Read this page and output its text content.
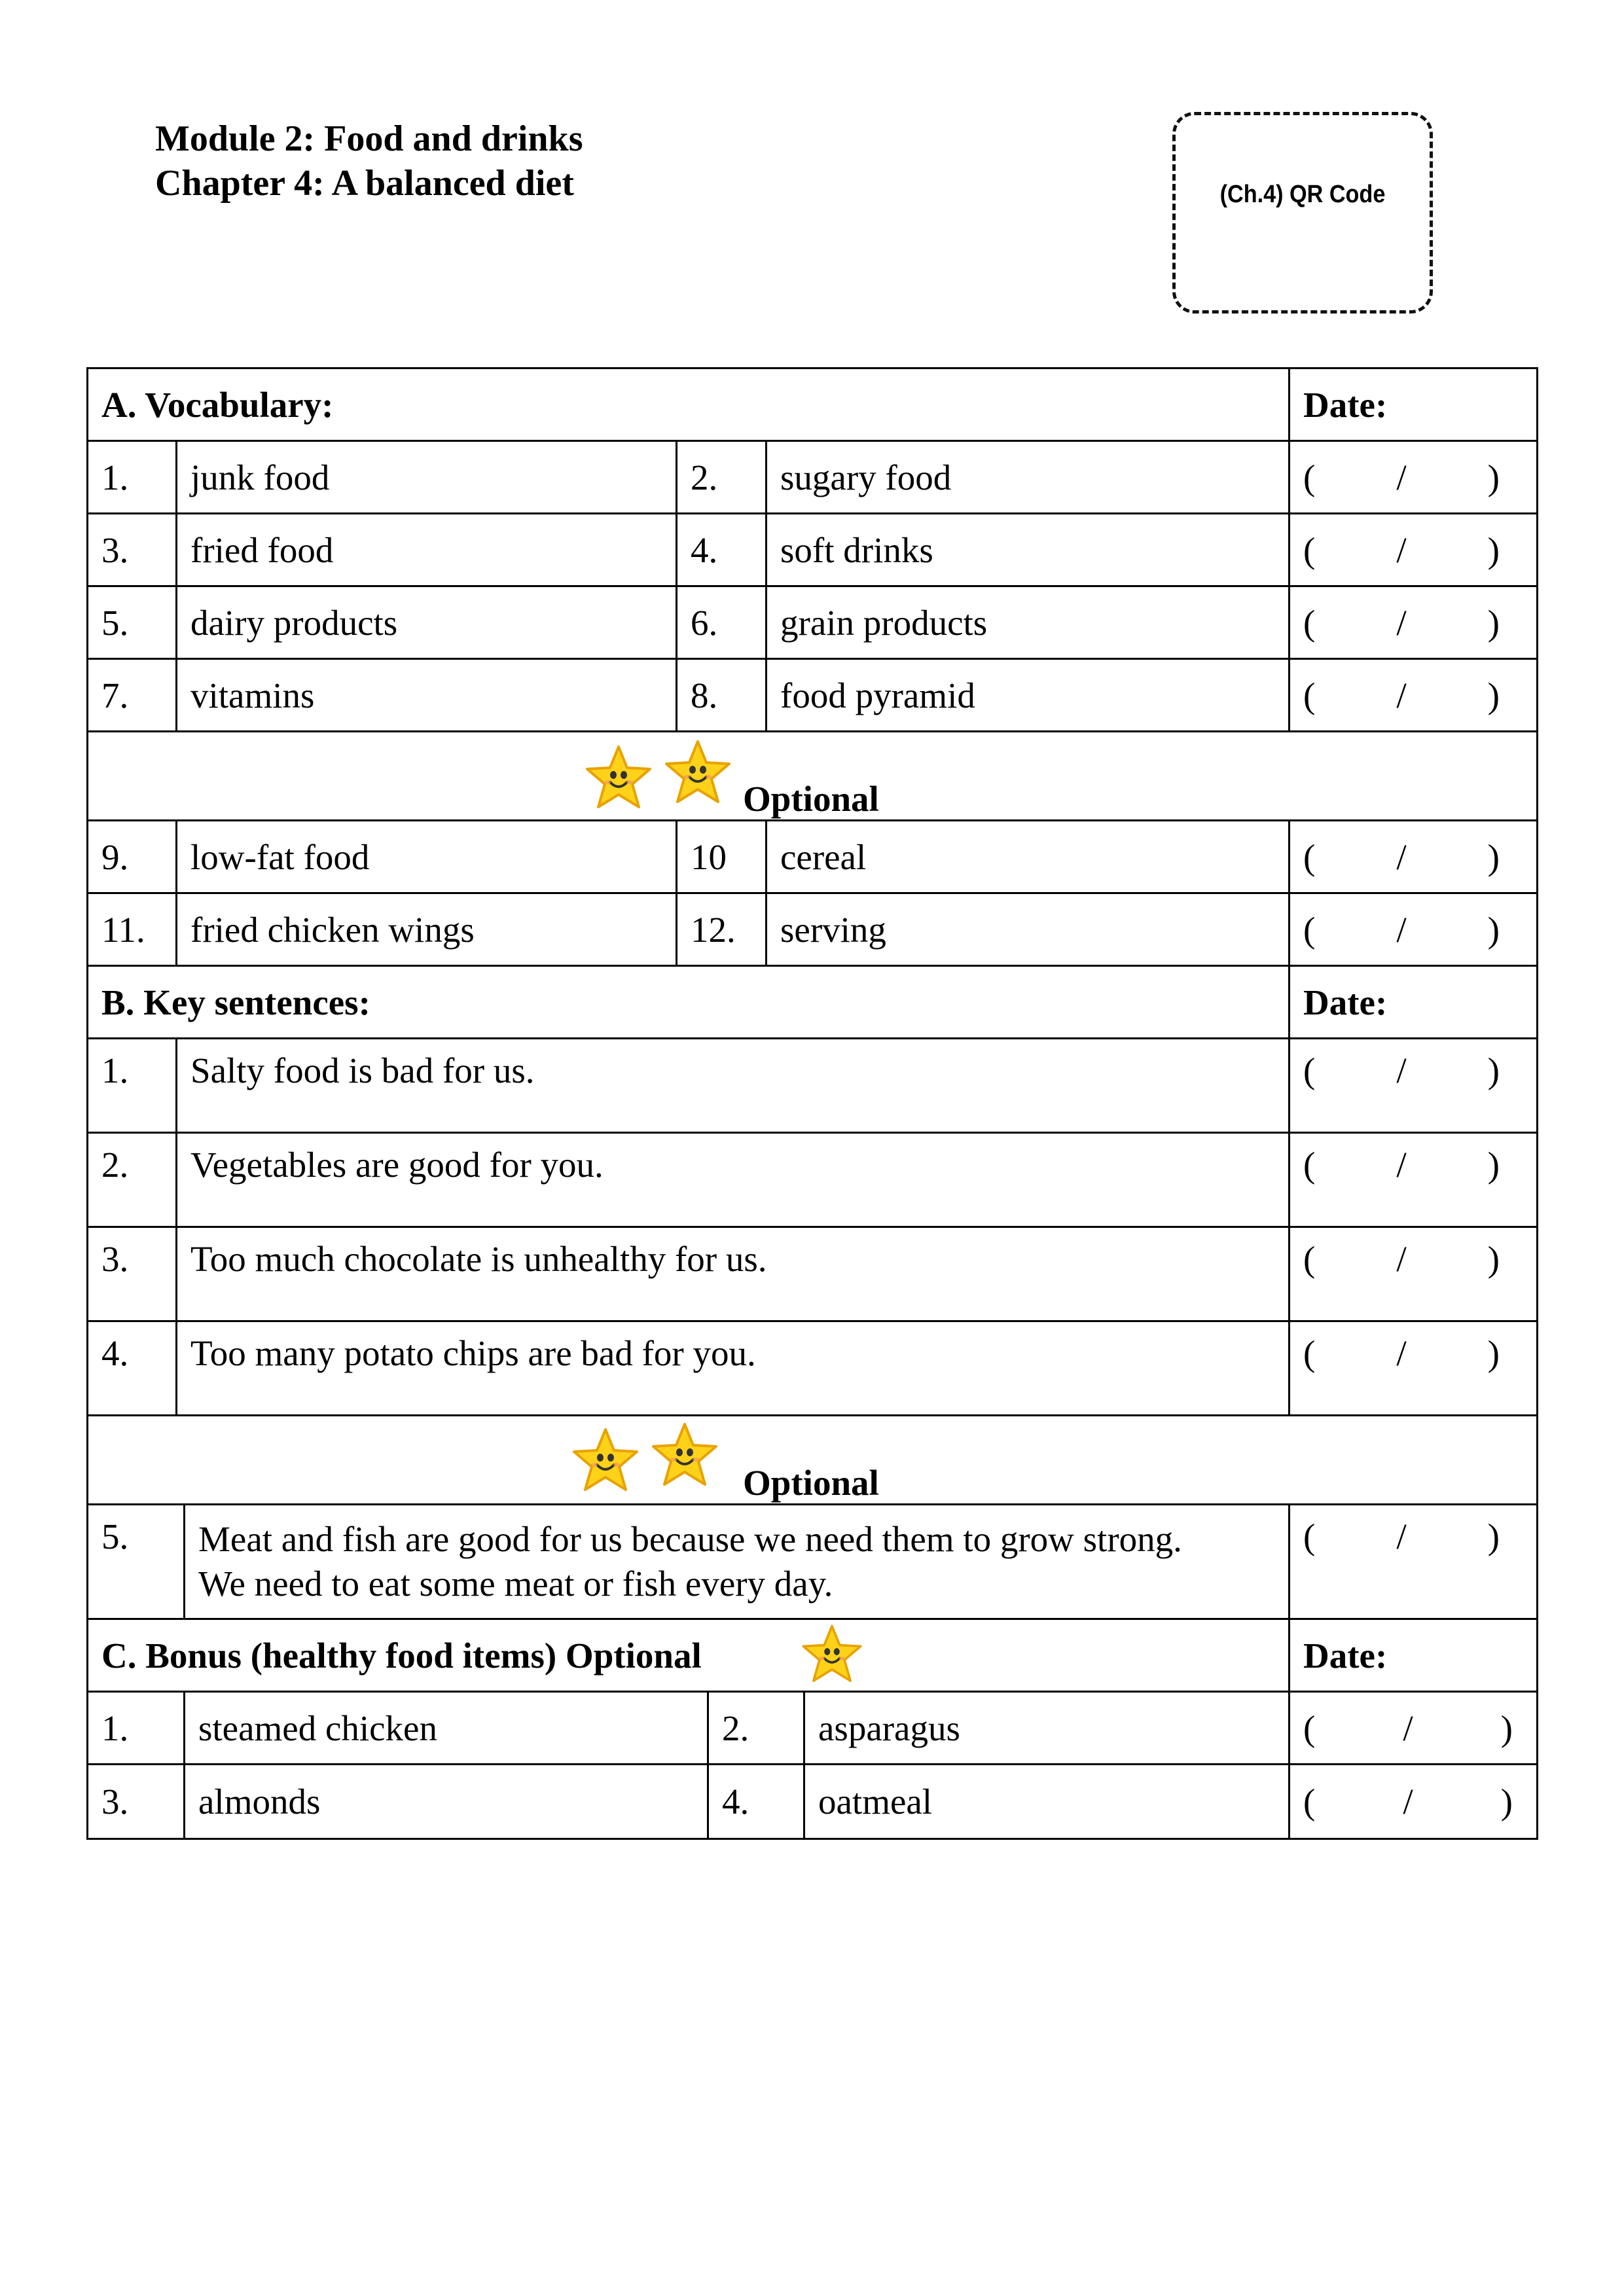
Module 2: Food and drinks
Chapter 4: A balanced diet	(Ch.4) QR Code
A. Vocabulary:	Date:
1.	junk food	2.	sugary food	( / )
3.	fried food	4.	soft drinks	( / )
5.	dairy products	6.	grain products	( / )
7.	vitamins	8.	food pyramid	( / )
Optional
9.	low-fat food	10	cereal	( / )
11.	fried chicken wings	12.	serving	( / )
B. Key sentences:	Date:
1.	Salty food is bad for us.	( / )
2.	Vegetables are good for you.	( / )
3.	Too much chocolate is unhealthy for us.	( / )
4.	Too many potato chips are bad for you.	( / )
Optional
5.	Meat and fish are good for us because we need them to grow strong.
We need to eat some meat or fish every day.
( / )
C. Bonus (healthy food items) Optional	Date:
1.	steamed chicken	2.	asparagus	( / )
3.	almonds	4.	oatmeal	( / )
